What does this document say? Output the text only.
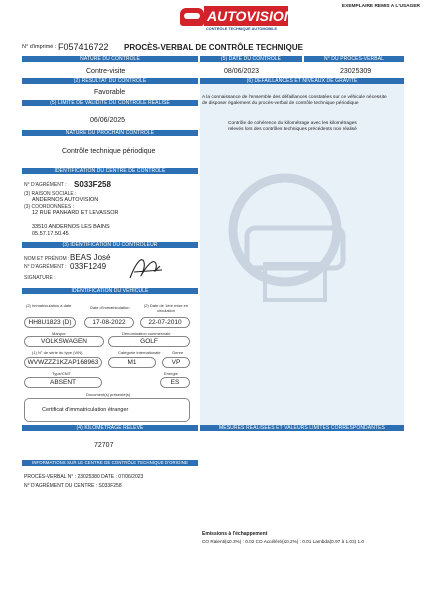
EXEMPLAIRE REMIS A L'USAGER
AUTOVISION
CONTRÔLE TECHNIQUE AUTOMOBILE
N° d'imprimé : F057416722 PROCÈS-VERBAL DE CONTRÔLE TECHNIQUE
NATURE DU CONTRÔLE
Contre-visite
(2) RÉSULTAT DU CONTRÔLE
Favorable
(5) LIMITE DE VALIDITÉ DU CONTRÔLE RÉALISÉ
06/06/2025
NATURE DU PROCHAIN CONTRÔLE
Contrôle technique périodique
IDENTIFICATION DU CENTRE DE CONTRÔLE
N° D'AGRÉMENT : S033F258
(3) RAISON SOCIALE :
ANDERNOS AUTOVISION
(3) COORDONNÉES :
12 RUE PANHARD ET LEVASSOR
33510 ANDERNOS LES BAINS
05.57.17.50.45
(3) IDENTIFICATION DU CONTRÔLEUR
NOM ET PRÉNOM : BEAS José
N° D'AGRÉMENT : 033F1249
SIGNATURE :
IDENTIFICATION DU VÉHICULE
(2) Immatriculation à date	Date d'immatriculation	(2) Date de 1ère mise en circulation
HH8U1823 (D)	17-08-2022	22-07-2010
Marque	Dénomination commerciale
VOLKSWAGEN	GOLF
(1) N° de série du type (VIN)	Catégorie internationale	Genre
WVWZZZ1KZAP168963	M1	VP
Type/CNIT	Energie
ABSENT	ES
Document(s) présenté(s)
Certificat d'immatriculation étranger
(4) KILOMÉTRAGE RELEVÉ
72707
INFORMATIONS SUR LE CENTRE DE CONTRÔLE TECHNIQUE D'ORIGINE
PROCÈS-VERBAL N° : 23025380 DATE : 07/06/2023
N° D'AGRÉMENT DU CENTRE : S033F258
(5) DATE DU CONTRÔLE
08/06/2023
N° DU PROCÈS-VERBAL
23025309
(6) DÉFAILLANCES ET NIVEAUX DE GRAVITÉ
A la connaissance de l'ensemble des défaillances constatées sur ce véhicule nécessite
de disposer également du procès-verbal de contrôle technique périodique
Contrôle de cohérence du kilométrage avec les kilométrages
relevés lors des contrôles techniques précédents non réalisé
MESURES RÉALISÉES ET VALEURS LIMITES CORRESPONDANTES
Emissions à l'échappement
CO Ralenti(≤0.3%) : 0.02 CO Accéléré(≤0.2%) : 0.01 Lambda(0.97 à 1.03) 1.0
